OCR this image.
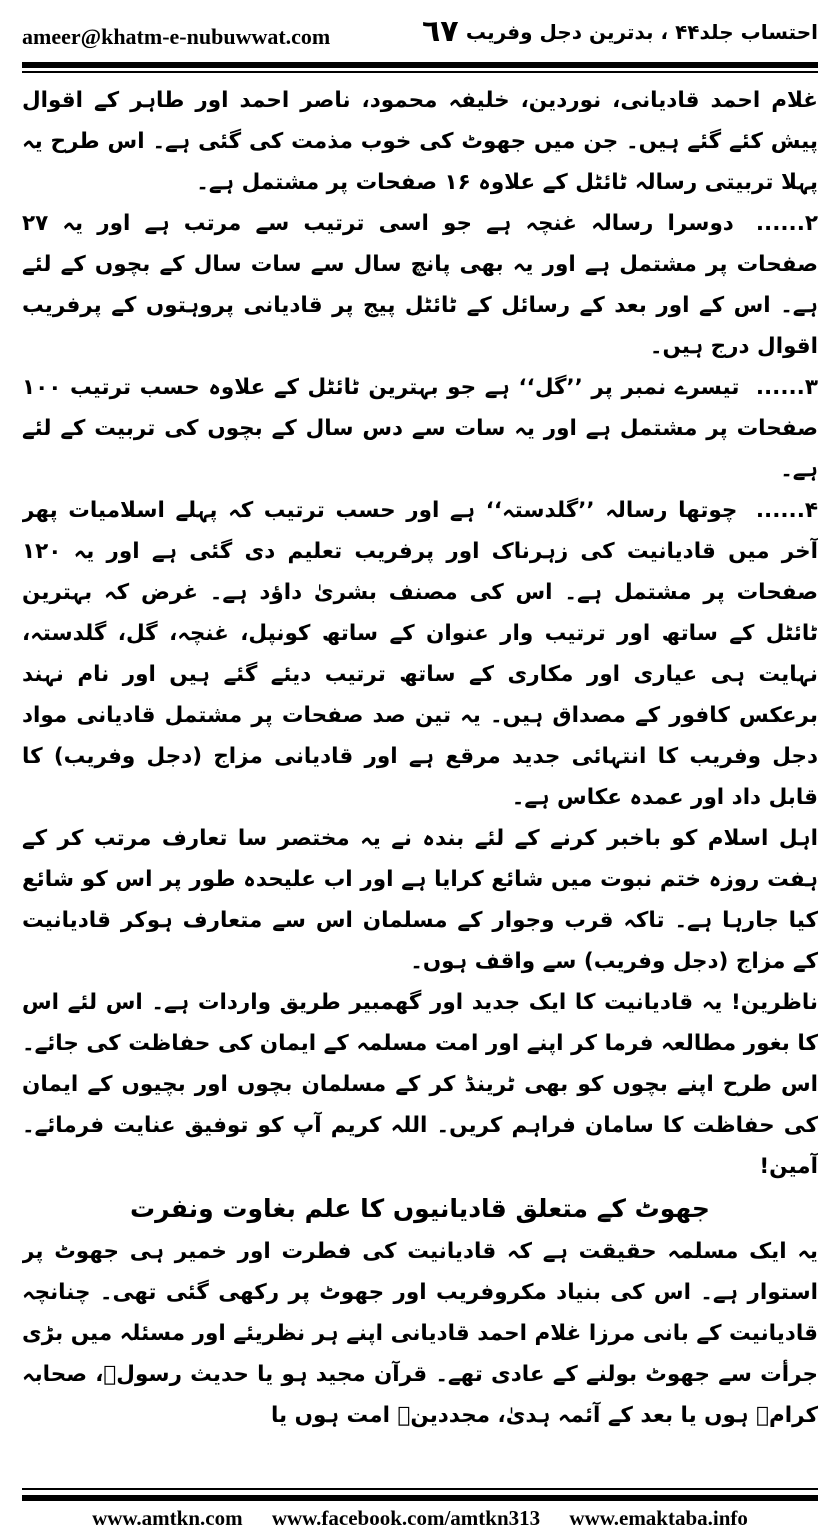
ameer@khatm-e-nubuwwat.com	٦٧ احتساب جلد۴۴ ، بدترین دجل وفریب

غلام احمد قادیانی، نوردین، خلیفہ محمود، ناصر احمد اور طاہر کے اقوال پیش کئے گئے ہیں۔ جن میں جھوٹ کی خوب مذمت کی گئی ہے۔ اس طرح یہ پہلا تربیتی رسالہ ٹائٹل کے علاوہ ۱۶ صفحات پر مشتمل ہے۔

۲...... دوسرا رسالہ غنچہ ہے جو اسی ترتیب سے مرتب ہے اور یہ ۲۷ صفحات پر مشتمل ہے اور یہ بھی پانچ سال سے سات سال کے بچوں کے لئے ہے۔ اس کے اور بعد کے رسائل کے ٹائٹل پیج پر قادیانی پروہتوں کے پرفریب اقوال درج ہیں۔

۳...... تیسرے نمبر پر ’’گل‘‘ ہے جو بہترین ٹائٹل کے علاوہ حسب ترتیب ۱۰۰ صفحات پر مشتمل ہے اور یہ سات سے دس سال کے بچوں کی تربیت کے لئے ہے۔

۴...... چوتھا رسالہ ’’گلدستہ‘‘ ہے اور حسب ترتیب کہ پہلے اسلامیات پھر آخر میں قادیانیت کی زہرناک اور پرفریب تعلیم دی گئی ہے اور یہ ۱۲۰ صفحات پر مشتمل ہے۔ اس کی مصنف بشریٰ داؤد ہے۔ غرض کہ بہترین ٹائٹل کے ساتھ اور ترتیب وار عنوان کے ساتھ کونپل، غنچہ، گل، گلدستہ، نہایت ہی عیاری اور مکاری کے ساتھ ترتیب دیئے گئے ہیں اور نام نہند برعکس کافور کے مصداق ہیں۔ یہ تین صد صفحات پر مشتمل قادیانی مواد دجل وفریب کا انتہائی جدید مرقع ہے اور قادیانی مزاج (دجل وفریب) کا قابل داد اور عمدہ عکاس ہے۔

اہل اسلام کو باخبر کرنے کے لئے بندہ نے یہ مختصر سا تعارف مرتب کر کے ہفت روزہ ختم نبوت میں شائع کرایا ہے اور اب علیحدہ طور پر اس کو شائع کیا جارہا ہے۔ تاکہ قرب وجوار کے مسلمان اس سے متعارف ہوکر قادیانیت کے مزاج (دجل وفریب) سے واقف ہوں۔

ناظرین! یہ قادیانیت کا ایک جدید اور گھمبیر طریق واردات ہے۔ اس لئے اس کا بغور مطالعہ فرما کر اپنے اور امت مسلمہ کے ایمان کی حفاظت کی جائے۔ اس طرح اپنے بچوں کو بھی ٹرینڈ کر کے مسلمان بچوں اور بچیوں کے ایمان کی حفاظت کا سامان فراہم کریں۔ اللہ کریم آپ کو توفیق عنایت فرمائے۔ آمین!

جھوٹ کے متعلق قادیانیوں کا علم بغاوت ونفرت

یہ ایک مسلمہ حقیقت ہے کہ قادیانیت کی فطرت اور خمیر ہی جھوٹ پر استوار ہے۔ اس کی بنیاد مکروفریب اور جھوٹ پر رکھی گئی تھی۔ چنانچہ قادیانیت کے بانی مرزا غلام احمد قادیانی اپنے ہر نظریئے اور مسئلہ میں بڑی جرأت سے جھوٹ بولنے کے عادی تھے۔ قرآن مجید ہو یا حدیث رسولؐ، صحابہ کرامؓ ہوں یا بعد کے آئمہ ہدیٰ، مجددینؒ امت ہوں یا

www.amtkn.com www.facebook.com/amtkn313 www.emaktaba.info
